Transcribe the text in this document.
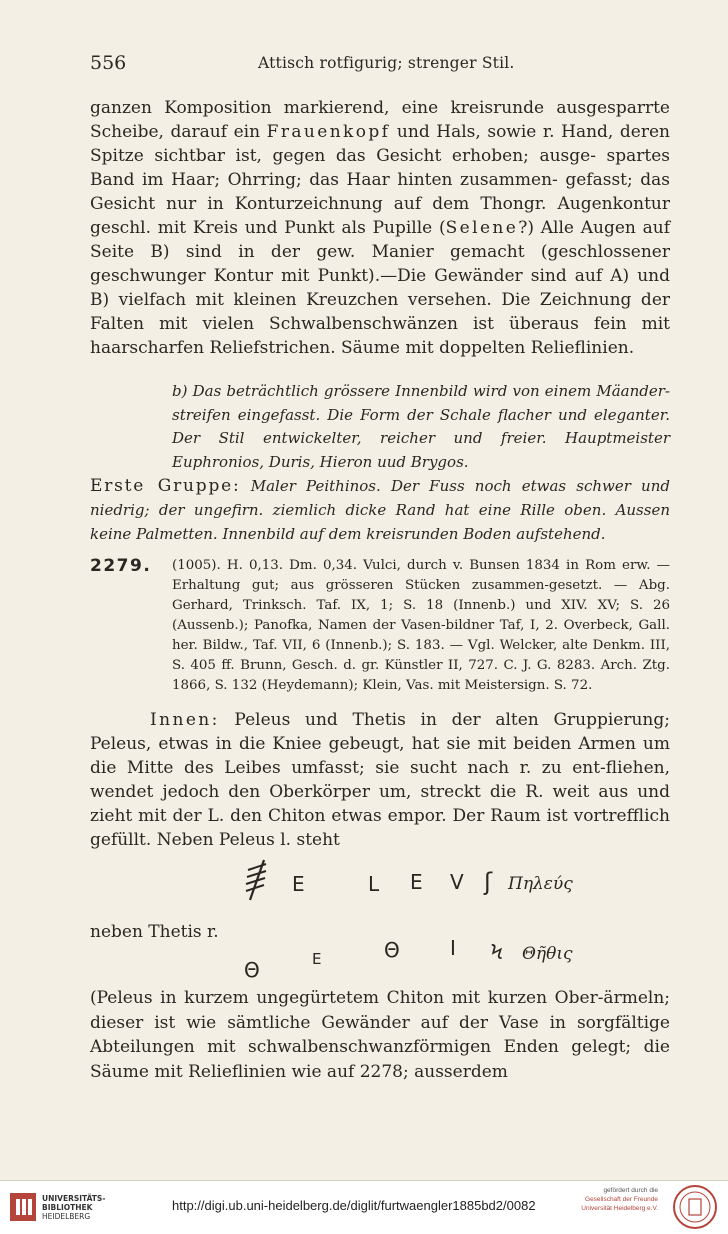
556	Attisch rotfigurig; strenger Stil.

ganzen Komposition markierend, eine kreisrunde ausgesparrte Scheibe, darauf ein Frauenkopf und Hals, sowie r. Hand, deren Spitze sichtbar ist, gegen das Gesicht erhoben; ausge- spartes Band im Haar; Ohrring; das Haar hinten zusammen- gefasst; das Gesicht nur in Konturzeichnung auf dem Thongr. Augenkontur geschl. mit Kreis und Punkt als Pupille (Selene?) Alle Augen auf Seite B) sind in der gew. Manier gemacht (geschlossener geschwunger Kontur mit Punkt).—Die Gewänder sind auf A) und B) vielfach mit kleinen Kreuzchen versehen. Die Zeichnung der Falten mit vielen Schwalbenschwänzen ist überaus fein mit haarscharfen Reliefstrichen. Säume mit doppelten Relieflinien.

b) Das beträchtlich grössere Innenbild wird von einem Mäander-streifen eingefasst. Die Form der Schale flacher und eleganter. Der Stil entwickelter, reicher und freier. Hauptmeister Euphronios, Duris, Hieron uud Brygos.
Erste Gruppe: Maler Peithinos. Der Fuss noch etwas schwer und niedrig; der ungefirn. ziemlich dicke Rand hat eine Rille oben. Aussen keine Palmetten. Innenbild auf dem kreisrunden Boden aufstehend.
2279. (1005). H. 0,13. Dm. 0,34. Vulci, durch v. Bunsen 1834 in Rom erw. — Erhaltung gut; aus grösseren Stücken zusammen-gesetzt. — Abg. Gerhard, Trinksch. Taf. IX, 1; S. 18 (Innenb.) und XIV. XV; S. 26 (Aussenb.); Panofka, Namen der Vasen-bildner Taf, I, 2. Overbeck, Gall. her. Bildw., Taf. VII, 6 (Innenb.); S. 183. — Vgl. Welcker, alte Denkm. III, S. 405 ff. Brunn, Gesch. d. gr. Künstler II, 727. C. J. G. 8283. Arch. Ztg. 1866, S. 132 (Heydemann); Klein, Vas. mit Meistersign. S. 72.

Innen: Peleus und Thetis in der alten Gruppierung; Peleus, etwas in die Kniee gebeugt, hat sie mit beiden Armen um die Mitte des Leibes umfasst; sie sucht nach r. zu ent-fliehen, wendet jedoch den Oberkörper um, streckt die R. weit aus und zieht mit der L. den Chiton etwas empor. Der Raum ist vortrefflich gefüllt. Neben Peleus l. steht

E	L E V ʃ Πηλεύς
neben Thetis r.
Θ	E	Θ	I Ϟ Θῆθις
(Peleus in kurzem ungegürtetem Chiton mit kurzen Ober-ärmeln; dieser ist wie sämtliche Gewänder auf der Vase in sorgfältige Abteilungen mit schwalbenschwanzförmigen Enden gelegt; die Säume mit Relieflinien wie auf 2278; ausserdem
UNIVERSITÄTS-
BIBLIOTHEK
HEIDELBERG
http://digi.ub.uni-heidelberg.de/diglit/furtwaengler1885bd2/0082
gefördert durch die
Gesellschaft der Freunde
Universität Heidelberg e.V.
